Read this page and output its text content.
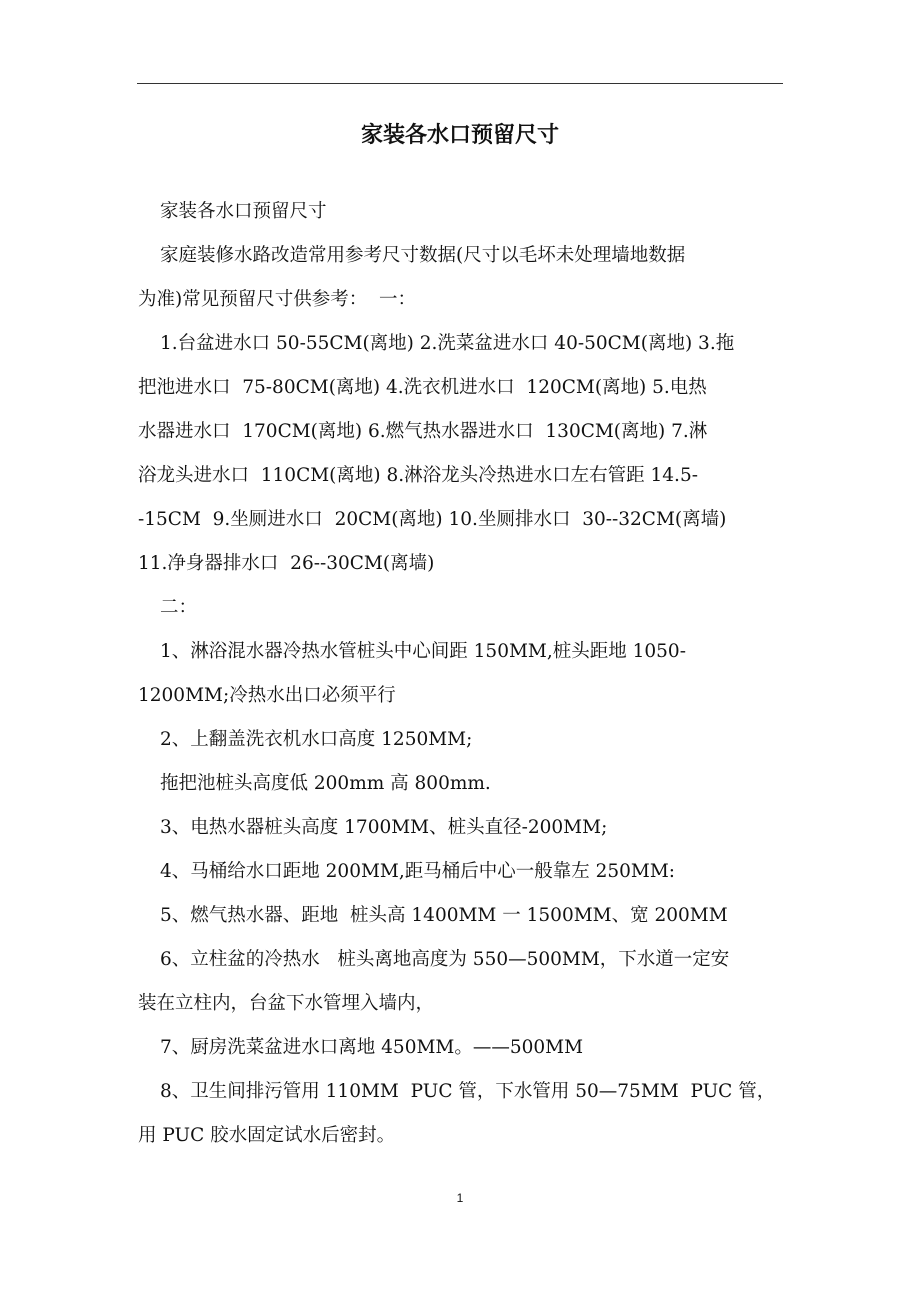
家装各水口预留尺寸
家装各水口预留尺寸
家庭装修水路改造常用参考尺寸数据(尺寸以毛坏未处理墙地数据
为准)常见预留尺寸供参考：  一：
1.台盆进水口 50-55CM(离地) 2.洗菜盆进水口 40-50CM(离地) 3.拖
把池进水口  75-80CM(离地) 4.洗衣机进水口  120CM(离地) 5.电热
水器进水口  170CM(离地) 6.燃气热水器进水口  130CM(离地) 7.淋
浴龙头进水口  110CM(离地) 8.淋浴龙头冷热进水口左右管距 14.5-
-15CM  9.坐厕进水口  20CM(离地) 10.坐厕排水口  30--32CM(离墙)
11.净身器排水口  26--30CM(离墙)
二：
1、淋浴混水器冷热水管桩头中心间距 150MM,桩头距地 1050-
1200MM;冷热水出口必须平行
2、上翻盖洗衣机水口高度 1250MM;
拖把池桩头高度低 200mm 高 800mm.
3、电热水器桩头高度 1700MM、桩头直径-200MM;
4、马桶给水口距地 200MM,距马桶后中心一般靠左 250MM:
5、燃气热水器、距地  桩头高 1400MM 一 1500MM、宽 200MM
6、立柱盆的冷热水   桩头离地高度为 550—500MM，下水道一定安
装在立柱内，台盆下水管埋入墙内，
7、厨房洗菜盆进水口离地 450MM。——500MM
8、卫生间排污管用 110MM  PUC 管，下水管用 50—75MM  PUC 管，
用 PUC 胶水固定试水后密封。
1
